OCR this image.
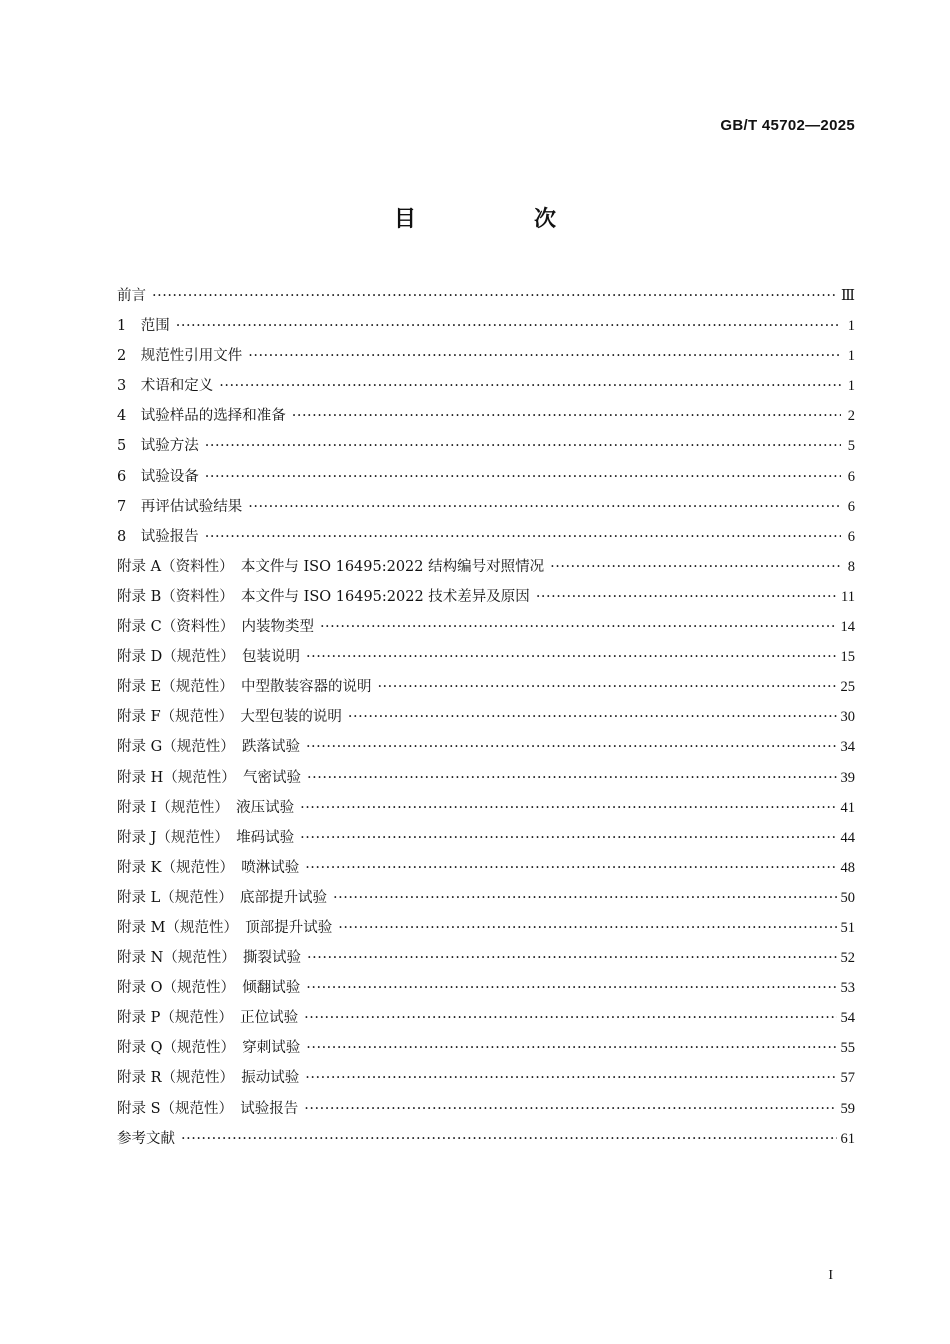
GB/T 45702—2025
目　次
前言 ·····	Ⅲ
1　范围 ·····	1
2　规范性引用文件 ·····	1
3　术语和定义 ·····	1
4　试验样品的选择和准备 ·····	2
5　试验方法 ·····	5
6　试验设备 ·····	6
7　再评估试验结果 ·····	6
8　试验报告 ·····	6
附录 A（资料性）　本文件与 ISO 16495:2022 结构编号对照情况 ·····	8
附录 B（资料性）　本文件与 ISO 16495:2022 技术差异及原因 ·····	11
附录 C（资料性）　内装物类型 ·····	14
附录 D（规范性）　包装说明 ·····	15
附录 E（规范性）　中型散装容器的说明 ·····	25
附录 F（规范性）　大型包装的说明 ·····	30
附录 G（规范性）　跌落试验 ·····	34
附录 H（规范性）　气密试验 ·····	39
附录 I（规范性）　液压试验 ·····	41
附录 J（规范性）　堆码试验 ·····	44
附录 K（规范性）　喷淋试验 ·····	48
附录 L（规范性）　底部提升试验 ·····	50
附录 M（规范性）　顶部提升试验 ·····	51
附录 N（规范性）　撕裂试验 ·····	52
附录 O（规范性）　倾翻试验 ·····	53
附录 P（规范性）　正位试验 ·····	54
附录 Q（规范性）　穿刺试验 ·····	55
附录 R（规范性）　振动试验 ·····	57
附录 S（规范性）　试验报告 ·····	59
参考文献 ·····	61
I
